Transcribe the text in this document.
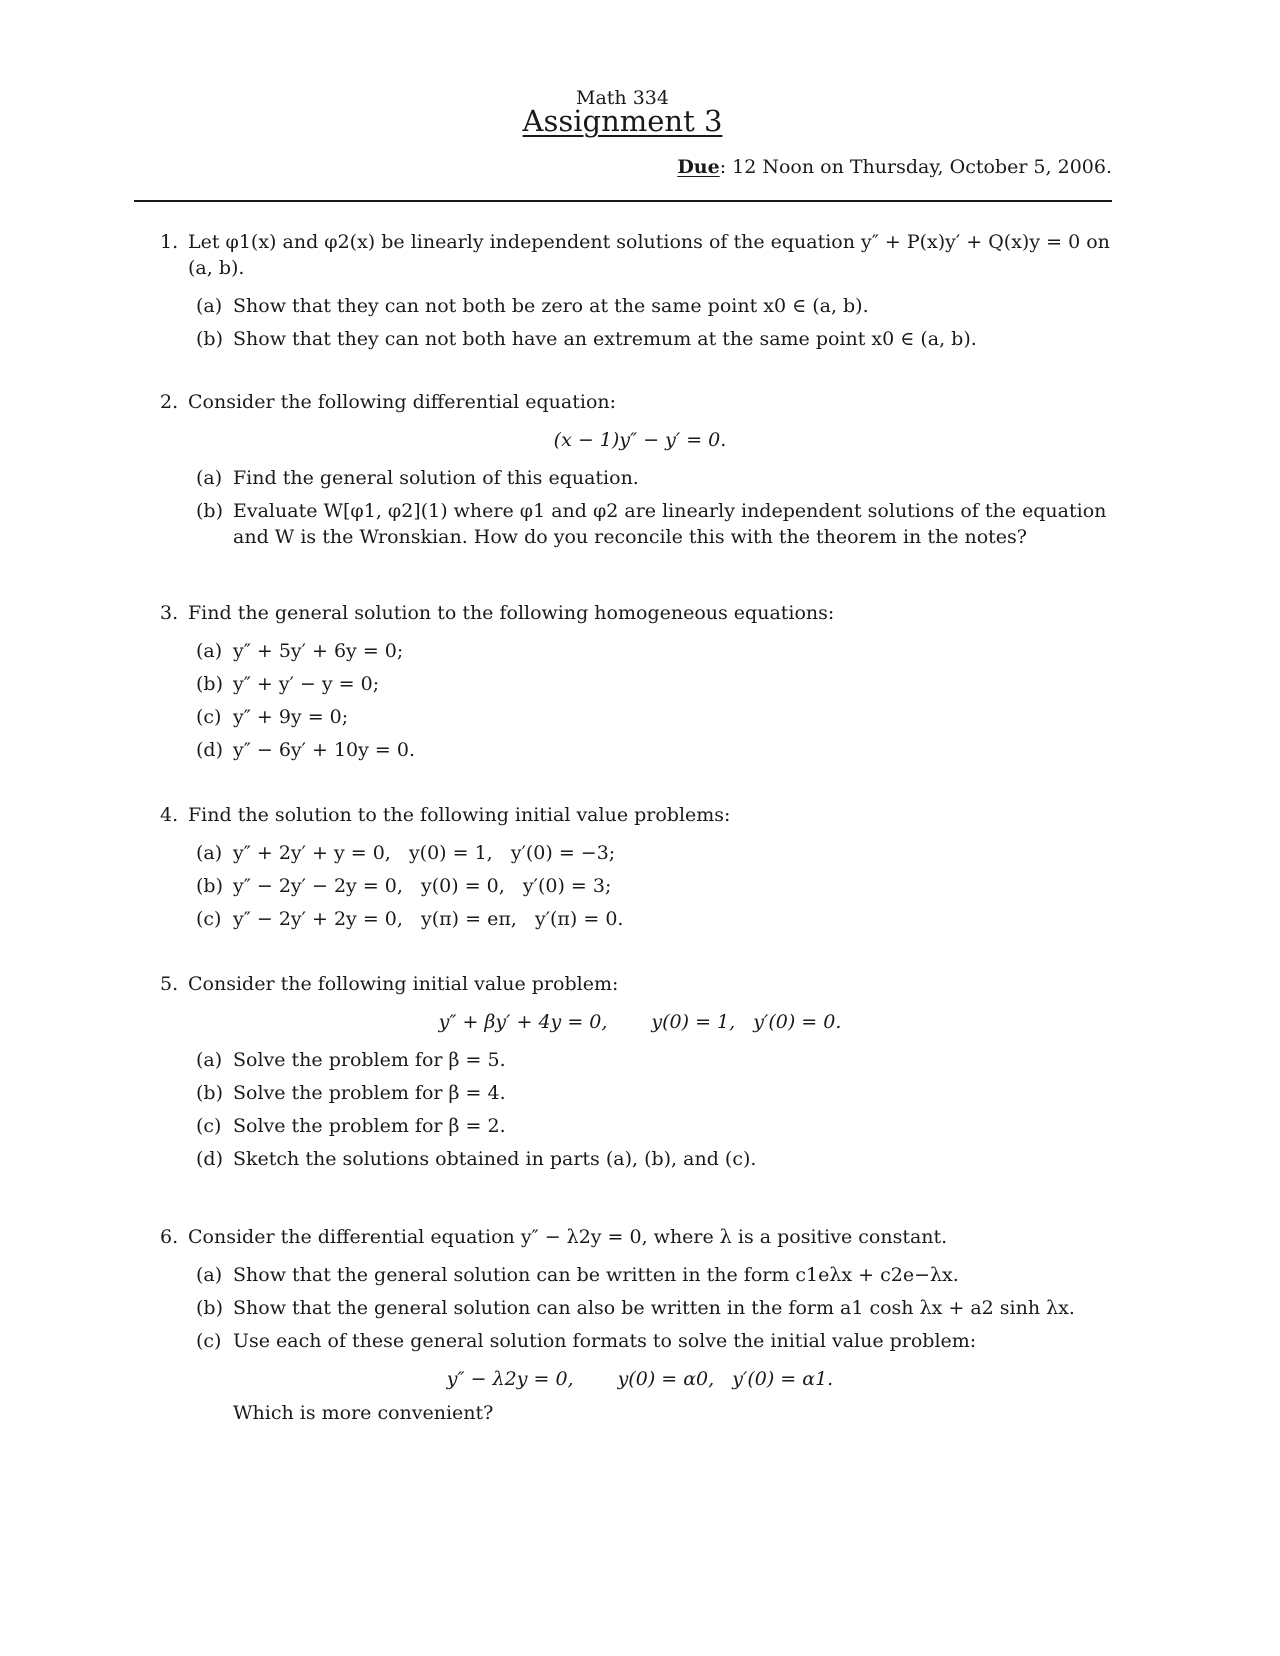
Math 334
Assignment 3
Due: 12 Noon on Thursday, October 5, 2006.
1. Let φ1(x) and φ2(x) be linearly independent solutions of the equation y″ + P(x)y′ + Q(x)y = 0 on (a, b).
(a) Show that they can not both be zero at the same point x0 ∈ (a, b).
(b) Show that they can not both have an extremum at the same point x0 ∈ (a, b).
2. Consider the following differential equation:
(x − 1)y″ − y′ = 0.
(a) Find the general solution of this equation.
(b) Evaluate W[φ1, φ2](1) where φ1 and φ2 are linearly independent solutions of the equation and W is the Wronskian. How do you reconcile this with the theorem in the notes?
3. Find the general solution to the following homogeneous equations:
(a) y″ + 5y′ + 6y = 0;
(b) y″ + y′ − y = 0;
(c) y″ + 9y = 0;
(d) y″ − 6y′ + 10y = 0.
4. Find the solution to the following initial value problems:
(a) y″ + 2y′ + y = 0,   y(0) = 1,   y′(0) = −3;
(b) y″ − 2y′ − 2y = 0,   y(0) = 0,   y′(0) = 3;
(c) y″ − 2y′ + 2y = 0,   y(π) = eπ,   y′(π) = 0.
5. Consider the following initial value problem:
y″ + βy′ + 4y = 0, y(0) = 1,   y′(0) = 0.
(a) Solve the problem for β = 5.
(b) Solve the problem for β = 4.
(c) Solve the problem for β = 2.
(d) Sketch the solutions obtained in parts (a), (b), and (c).
6. Consider the differential equation y″ − λ2y = 0, where λ is a positive constant.
(a) Show that the general solution can be written in the form c1eλx + c2e−λx.
(b) Show that the general solution can also be written in the form a1 cosh λx + a2 sinh λx.
(c) Use each of these general solution formats to solve the initial value problem:
y″ − λ2y = 0, y(0) = α0,   y′(0) = α1.
Which is more convenient?
